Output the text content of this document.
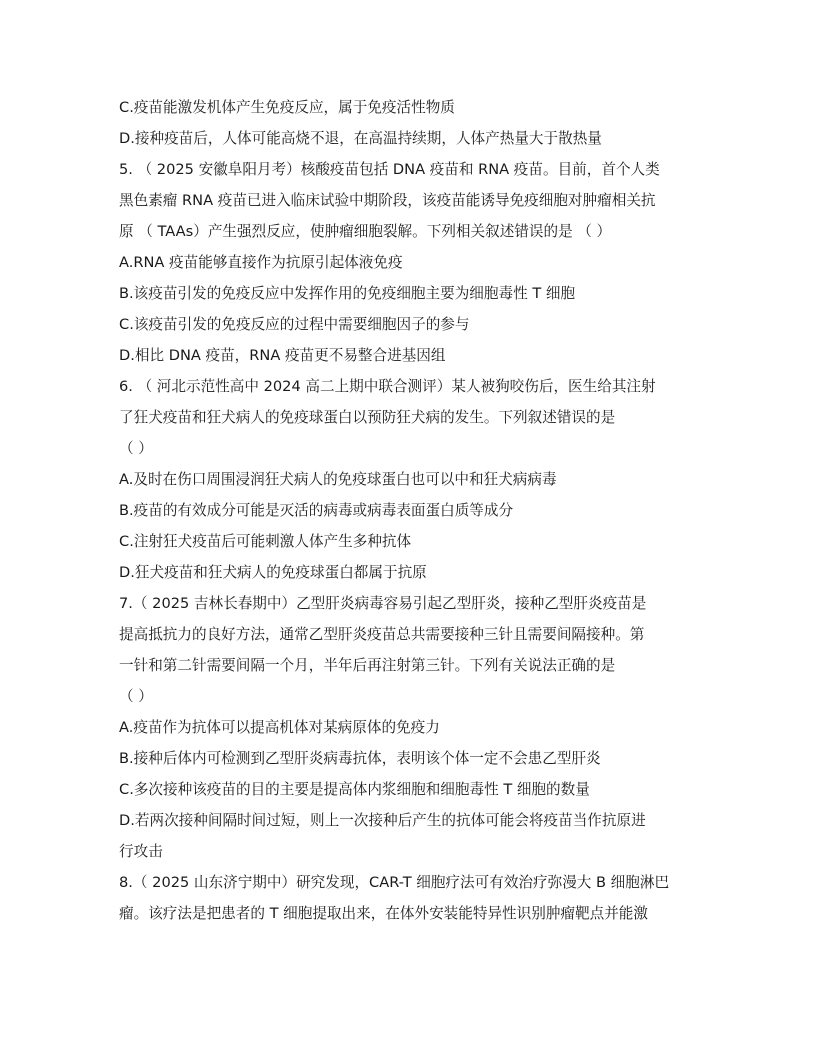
C.疫苗能激发机体产生免疫反应，属于免疫活性物质
D.接种疫苗后，人体可能高烧不退，在高温持续期，人体产热量大于散热量
5. （ 2025 安徽阜阳月考）核酸疫苗包括 DNA 疫苗和 RNA 疫苗。目前，首个人类
黑色素瘤 RNA 疫苗已进入临床试验中期阶段，该疫苗能诱导免疫细胞对肿瘤相关抗
原 （ TAAs）产生强烈反应，使肿瘤细胞裂解。下列相关叙述错误的是 （ ）
A.RNA 疫苗能够直接作为抗原引起体液免疫
B.该疫苗引发的免疫反应中发挥作用的免疫细胞主要为细胞毒性 T 细胞
C.该疫苗引发的免疫反应的过程中需要细胞因子的参与
D.相比 DNA 疫苗，RNA 疫苗更不易整合进基因组
6. （ 河北示范性高中 2024 高二上期中联合测评）某人被狗咬伤后，医生给其注射
了狂犬疫苗和狂犬病人的免疫球蛋白以预防狂犬病的发生。下列叙述错误的是
（ ）
A.及时在伤口周围浸润狂犬病人的免疫球蛋白也可以中和狂犬病病毒
B.疫苗的有效成分可能是灭活的病毒或病毒表面蛋白质等成分
C.注射狂犬疫苗后可能刺激人体产生多种抗体
D.狂犬疫苗和狂犬病人的免疫球蛋白都属于抗原
7.（ 2025 吉林长春期中）乙型肝炎病毒容易引起乙型肝炎，接种乙型肝炎疫苗是
提高抵抗力的良好方法，通常乙型肝炎疫苗总共需要接种三针且需要间隔接种。第
一针和第二针需要间隔一个月，半年后再注射第三针。下列有关说法正确的是
（ ）
A.疫苗作为抗体可以提高机体对某病原体的免疫力
B.接种后体内可检测到乙型肝炎病毒抗体，表明该个体一定不会患乙型肝炎
C.多次接种该疫苗的目的主要是提高体内浆细胞和细胞毒性 T 细胞的数量
D.若两次接种间隔时间过短，则上一次接种后产生的抗体可能会将疫苗当作抗原进
行攻击
8.（ 2025 山东济宁期中）研究发现，CAR-T 细胞疗法可有效治疗弥漫大 B 细胞淋巴
瘤。该疗法是把患者的 T 细胞提取出来，在体外安装能特异性识别肿瘤靶点并能激
